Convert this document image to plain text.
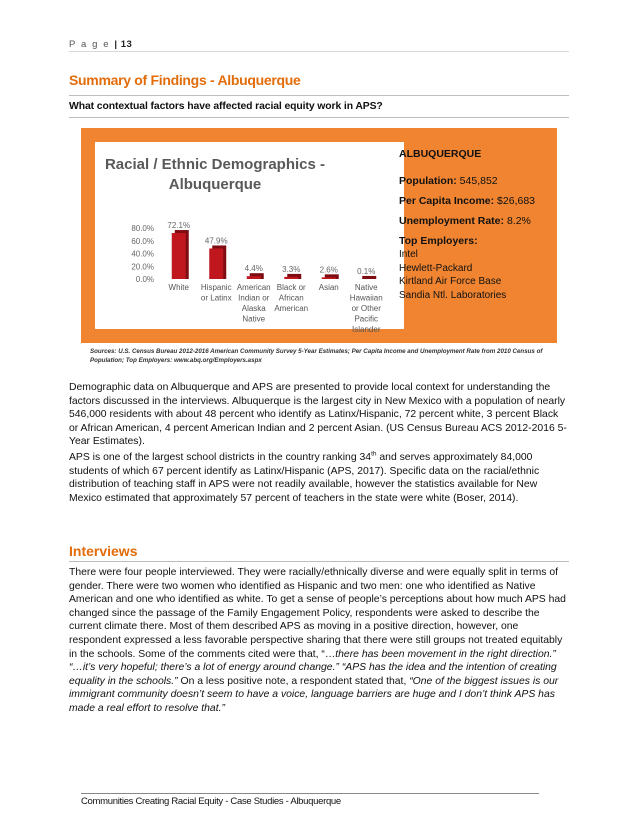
P a g e | 13
Summary of Findings - Albuquerque
What contextual factors have affected racial equity work in APS?
Racial / Ethnic Demographics -
Albuquerque
0.0%
20.0%
40.0%
60.0%
80.0% 72.1%
White
47.9%
Hispanic or Latinx
4.4%
American Indian or Alaska Native
3.3%
Black or African American
2.6%
Asian
0.1%
Native Hawaiian or Other Pacific Islander
ALBUQUERQUE
Population: 545,852
Per Capita Income: $26,683
Unemployment Rate: 8.2%
Top Employers:
Intel
Hewlett-Packard
Kirtland Air Force Base
Sandia Ntl. Laboratories
Sources: U.S. Census Bureau 2012-2016 American Community Survey 5-Year Estimates; Per Capita Income and Unemployment Rate from 2010 Census of Population; Top Employers: www.abq.org/Employers.aspx

Demographic data on Albuquerque and APS are presented to provide local context for understanding the factors discussed in the interviews. Albuquerque is the largest city in New Mexico with a population of nearly 546,000 residents with about 48 percent who identify as Latinx/Hispanic, 72 percent white, 3 percent Black or African American, 4 percent American Indian and 2 percent Asian. (US Census Bureau ACS 2012-2016 5-Year Estimates).

APS is one of the largest school districts in the country ranking 34th and serves approximately 84,000 students of which 67 percent identify as Latinx/Hispanic (APS, 2017). Specific data on the racial/ethnic distribution of teaching staff in APS were not readily available, however the statistics available for New Mexico estimated that approximately 57 percent of teachers in the state were white (Boser, 2014).

Interviews

There were four people interviewed. They were racially/ethnically diverse and were equally split in terms of gender. There were two women who identified as Hispanic and two men: one who identified as Native American and one who identified as white. To get a sense of people’s perceptions about how much APS had changed since the passage of the Family Engagement Policy, respondents were asked to describe the current climate there. Most of them described APS as moving in a positive direction, however, one respondent expressed a less favorable perspective sharing that there were still groups not treated equitably in the schools. Some of the comments cited were that, “…there has been movement in the right direction.” “…it’s very hopeful; there’s a lot of energy around change.” “APS has the idea and the intention of creating equality in the schools.” On a less positive note, a respondent stated that, “One of the biggest issues is our immigrant community doesn’t seem to have a voice, language barriers are huge and I don’t think APS has made a real effort to resolve that.”

Communities Creating Racial Equity - Case Studies - Albuquerque
